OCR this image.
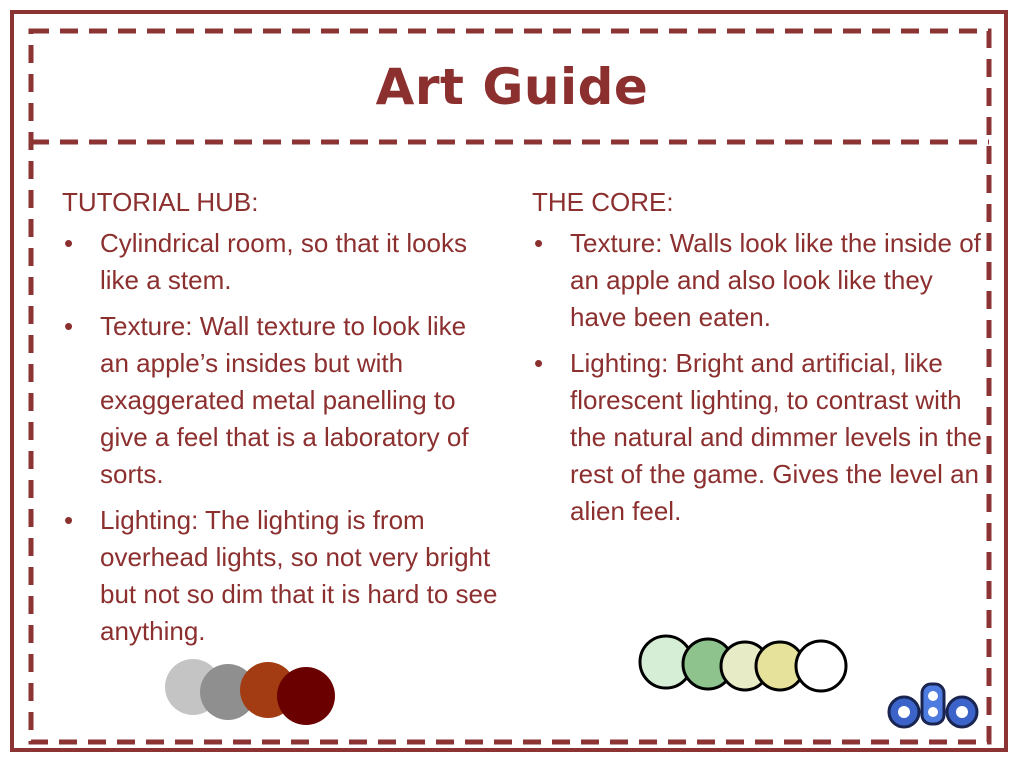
Art Guide
TUTORIAL HUB:
• Cylindrical room, so that it looks like a stem.
• Texture: Wall texture to look like an apple’s insides but with exaggerated metal panelling to give a feel that is a laboratory of sorts.
• Lighting: The lighting is from overhead lights, so not very bright but not so dim that it is hard to see anything.
THE CORE:
• Texture: Walls look like the inside of an apple and also look like they have been eaten.
• Lighting: Bright and artificial, like florescent lighting, to contrast with the natural and dimmer levels in the rest of the game. Gives the level an alien feel.
